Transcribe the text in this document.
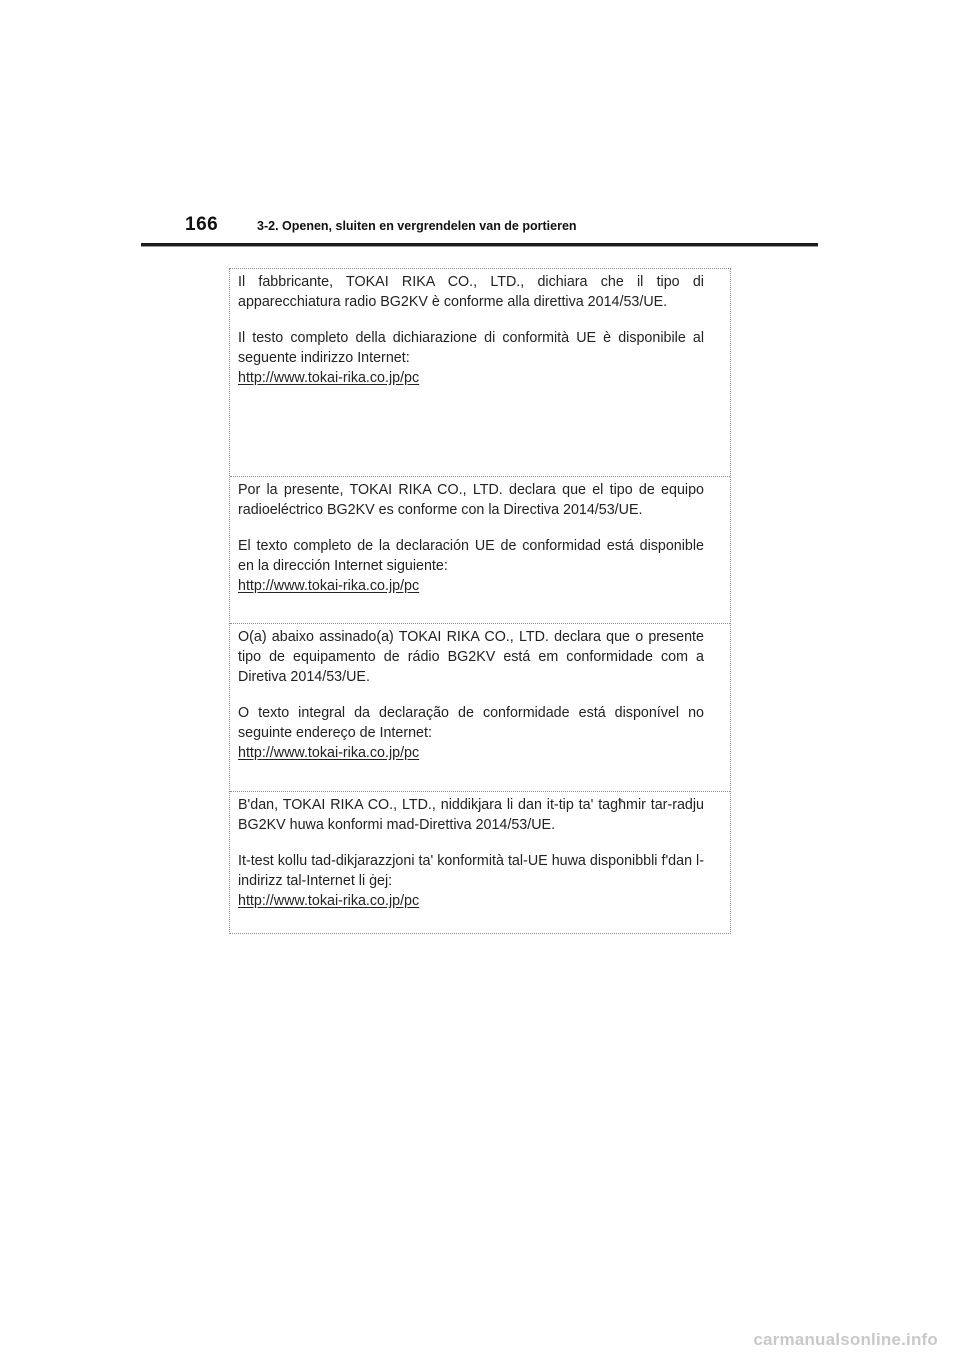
166	3-2. Openen, sluiten en vergrendelen van de portieren

Il fabbricante, TOKAI RIKA CO., LTD., dichiara che il tipo di apparecchiatura radio BG2KV è conforme alla direttiva 2014/53/UE.

Il testo completo della dichiarazione di conformità UE è disponibile al seguente indirizzo Internet:

http://www.tokai-rika.co.jp/pc

Por la presente, TOKAI RIKA CO., LTD. declara que el tipo de equipo radioeléctrico BG2KV es conforme con la Directiva 2014/53/UE.

El texto completo de la declaración UE de conformidad está disponible en la dirección Internet siguiente:

http://www.tokai-rika.co.jp/pc

O(a) abaixo assinado(a) TOKAI RIKA CO., LTD. declara que o presente tipo de equipamento de rádio BG2KV está em conformidade com a Diretiva 2014/53/UE.

O texto integral da declaração de conformidade está disponível no seguinte endereço de Internet:

http://www.tokai-rika.co.jp/pc

B'dan, TOKAI RIKA CO., LTD., niddikjara li dan it-tip ta' tagħmir tar-radju BG2KV huwa konformi mad-Direttiva 2014/53/UE.

It-test kollu tad-dikjarazzjoni ta' konformità tal-UE huwa disponibbli f'dan l-indirizz tal-Internet li ġej:

http://www.tokai-rika.co.jp/pc
carmanualsonline.info
